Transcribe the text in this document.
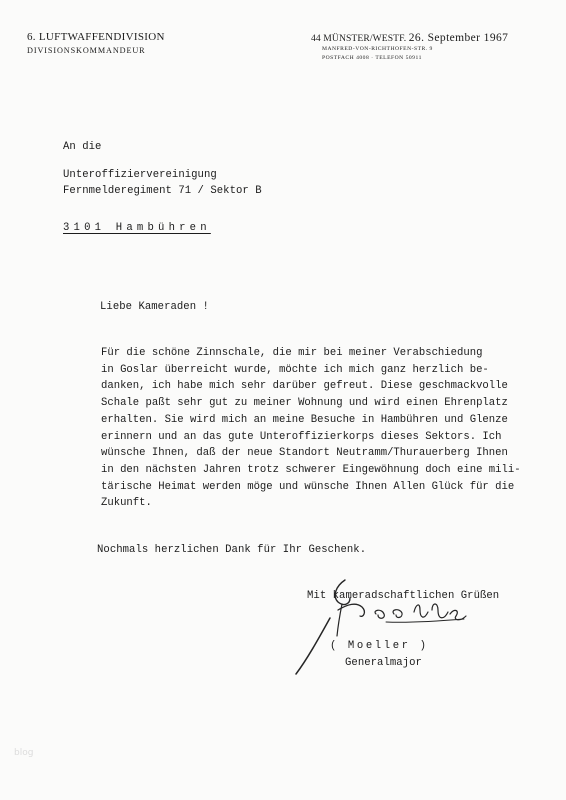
6. LUFTWAFFENDIVISION
DIVISIONSKOMMANDEUR
44 MÜNSTER/WESTF. 26. September 1967
MANFRED-VON-RICHTHOFEN-STR. 9
POSTFACH 4008 · TELEFON 50911
An die
Unteroffiziervereinigung
Fernmelderegiment 71 / Sektor B
3101 Hambühren
Liebe Kameraden !
Für die schöne Zinnschale, die mir bei meiner Verabschiedung
in Goslar überreicht wurde, möchte ich mich ganz herzlich be-
danken, ich habe mich sehr darüber gefreut. Diese geschmackvolle
Schale paßt sehr gut zu meiner Wohnung und wird einen Ehrenplatz
erhalten. Sie wird mich an meine Besuche in Hambühren und Glenze
erinnern und an das gute Unteroffizierkorps dieses Sektors. Ich
wünsche Ihnen, daß der neue Standort Neutramm/Thurauerberg Ihnen
in den nächsten Jahren trotz schwerer Eingewöhnung doch eine mili-
tärische Heimat werden möge und wünsche Ihnen Allen Glück für die
Zukunft.
Nochmals herzlichen Dank für Ihr Geschenk.
Mit kameradschaftlichen Grüßen
( Moeller )
Generalmajor
blog
